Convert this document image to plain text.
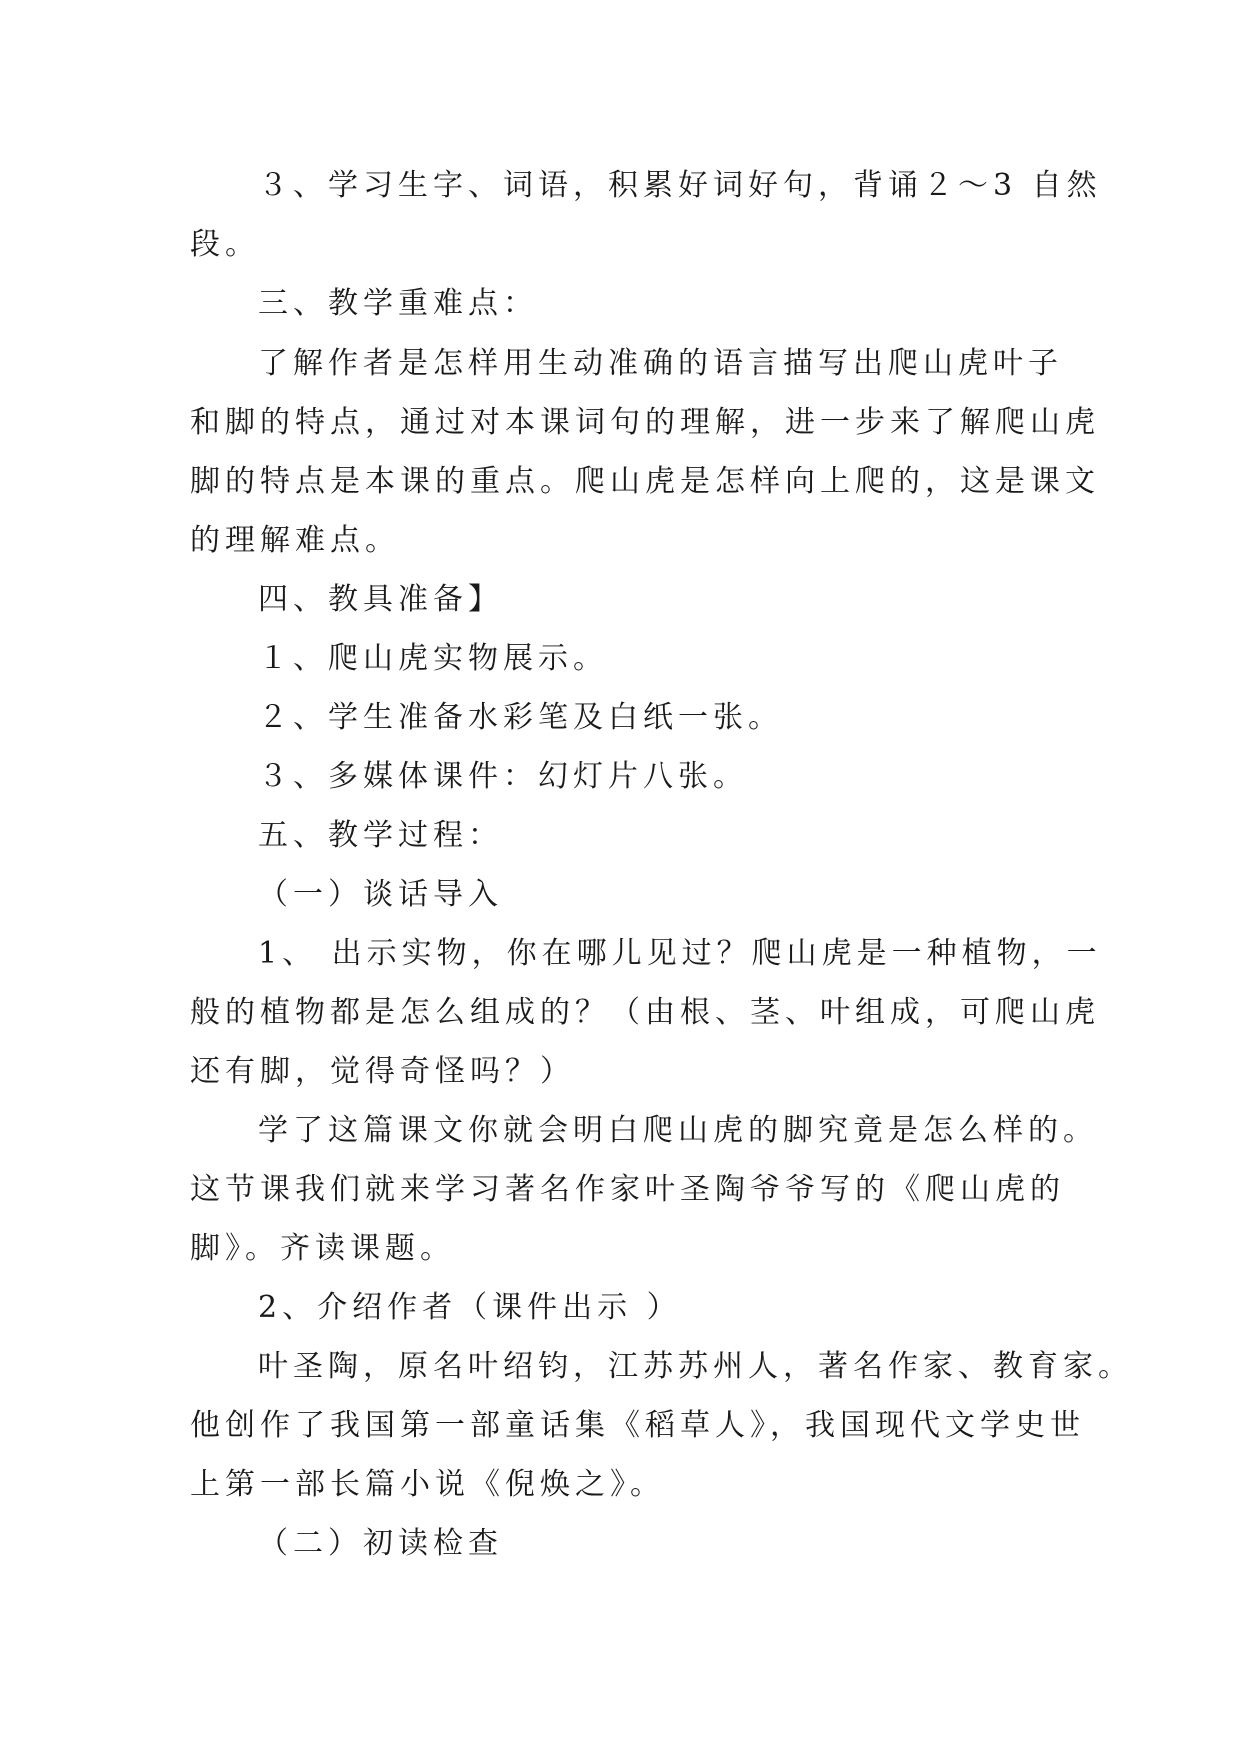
３、学习生字、词语，积累好词好句，背诵２～3 自然
段。
三、教学重难点：
了解作者是怎样用生动准确的语言描写出爬山虎叶子
和脚的特点，通过对本课词句的理解，进一步来了解爬山虎
脚的特点是本课的重点。爬山虎是怎样向上爬的，这是课文
的理解难点。
四、教具准备】
１、爬山虎实物展示。
２、学生准备水彩笔及白纸一张。
３、多媒体课件：幻灯片八张。
五、教学过程：
（一）谈话导入
1、 出示实物，你在哪儿见过？爬山虎是一种植物，一
般的植物都是怎么组成的？（由根、茎、叶组成，可爬山虎
还有脚，觉得奇怪吗？）
学了这篇课文你就会明白爬山虎的脚究竟是怎么样的。
这节课我们就来学习著名作家叶圣陶爷爷写的《爬山虎的
脚》。齐读课题。
2、介绍作者（课件出示 ）
叶圣陶，原名叶绍钧，江苏苏州人，著名作家、教育家。
他创作了我国第一部童话集《稻草人》，我国现代文学史世
上第一部长篇小说《倪焕之》。
（二）初读检查
